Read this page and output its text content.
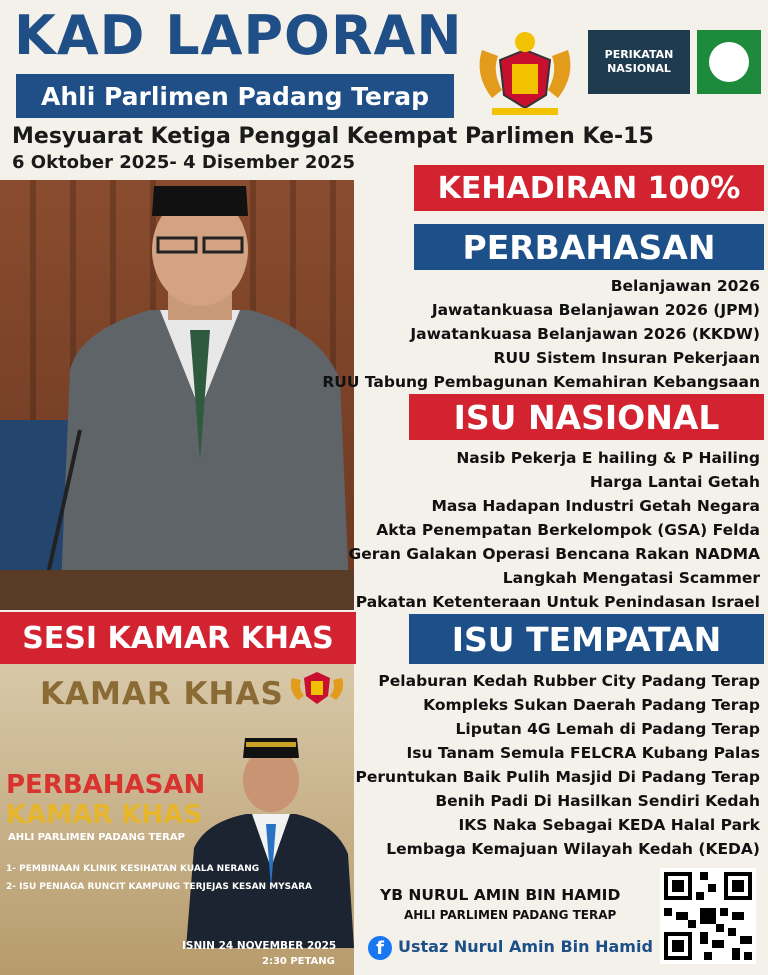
KAD LAPORAN
Ahli Parlimen Padang Terap
PERIKATAN
NASIONAL
Mesyuarat Ketiga Penggal Keempat Parlimen Ke-15
6 Oktober 2025- 4 Disember 2025
KEHADIRAN 100%
PERBAHASAN
Belanjawan 2026
Jawatankuasa Belanjawan 2026 (JPM)
Jawatankuasa Belanjawan 2026 (KKDW)
RUU Sistem Insuran Pekerjaan
RUU Tabung Pembagunan Kemahiran Kebangsaan
ISU NASIONAL
Nasib Pekerja E hailing & P Hailing
Harga Lantai Getah
Masa Hadapan Industri Getah Negara
Akta Penempatan Berkelompok (GSA) Felda
Geran Galakan Operasi Bencana Rakan NADMA
Langkah Mengatasi Scammer
Pakatan Ketenteraan Untuk Penindasan Israel
SESI KAMAR KHAS	ISU TEMPATAN
Pelaburan Kedah Rubber City Padang Terap
Kompleks Sukan Daerah Padang Terap
Liputan 4G Lemah di Padang Terap
Isu Tanam Semula FELCRA Kubang Palas
Peruntukan Baik Pulih Masjid Di Padang Terap
Benih Padi Di Hasilkan Sendiri Kedah
IKS Naka Sebagai KEDA Halal Park
Lembaga Kemajuan Wilayah Kedah (KEDA)
KAMAR KHAS
PERBAHASAN
KAMAR KHAS
AHLI PARLIMEN PADANG TERAP
1- PEMBINAAN KLINIK KESIHATAN KUALA NERANG
2- ISU PENIAGA RUNCIT KAMPUNG TERJEJAS KESAN MYSARA
ISNIN 24 NOVEMBER 2025
2:30 PETANG
YB NURUL AMIN BIN HAMID
AHLI PARLIMEN PADANG TERAP
f Ustaz Nurul Amin Bin Hamid
